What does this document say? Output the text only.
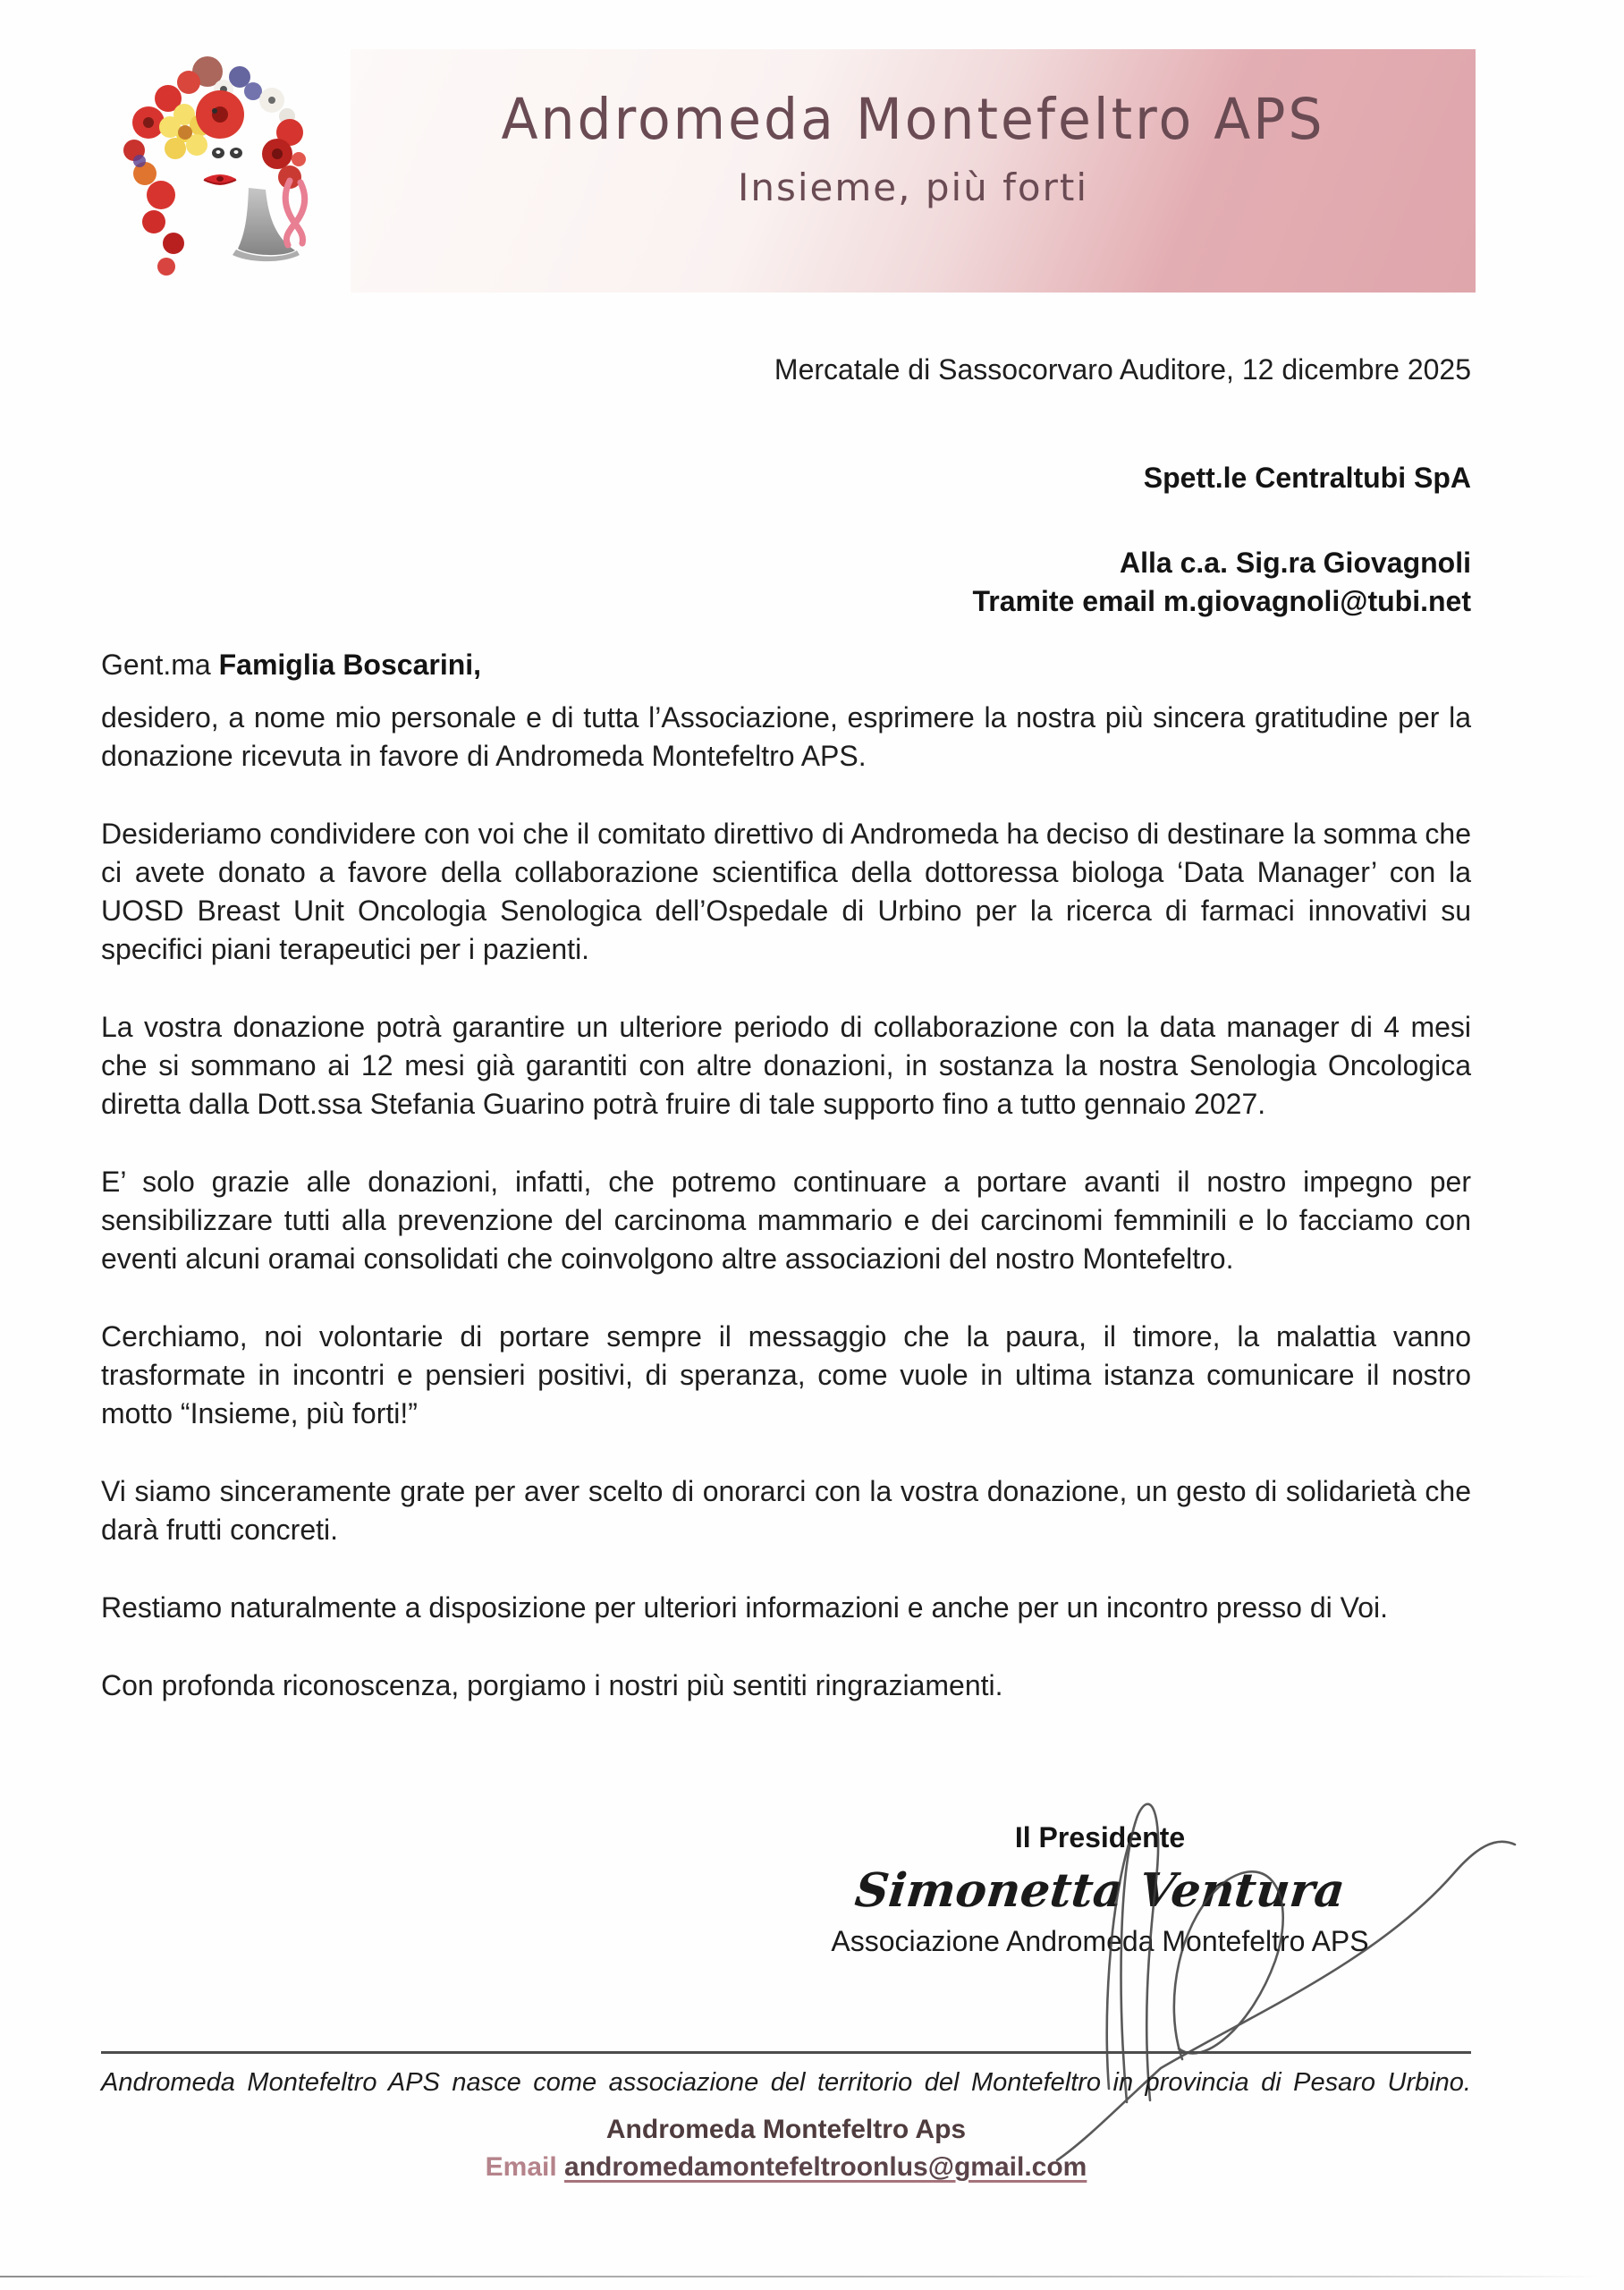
Andromeda Montefeltro APS
Insieme, più forti
Mercatale di Sassocorvaro Auditore, 12 dicembre 2025
Spett.le Centraltubi SpA
Alla c.a. Sig.ra Giovagnoli
Tramite email m.giovagnoli@tubi.net
Gent.ma Famiglia Boscarini,

desidero, a nome mio personale e di tutta l’Associazione, esprimere la nostra più sincera gratitudine per la donazione ricevuta in favore di Andromeda Montefeltro APS.

Desideriamo condividere con voi che il comitato direttivo di Andromeda ha deciso di destinare la somma che ci avete donato a favore della collaborazione scientifica della dottoressa biologa ‘Data Manager’ con la UOSD Breast Unit Oncologia Senologica dell’Ospedale di Urbino per la ricerca di farmaci innovativi su specifici piani terapeutici per i pazienti.

La vostra donazione potrà garantire un ulteriore periodo di collaborazione con la data manager di 4 mesi che si sommano ai 12 mesi già garantiti con altre donazioni, in sostanza la nostra Senologia Oncologica diretta dalla Dott.ssa Stefania Guarino potrà fruire di tale supporto fino a tutto gennaio 2027.

E’ solo grazie alle donazioni, infatti, che potremo continuare a portare avanti il nostro impegno per sensibilizzare tutti alla prevenzione del carcinoma mammario e dei carcinomi femminili e lo facciamo con eventi alcuni oramai consolidati che coinvolgono altre associazioni del nostro Montefeltro.

Cerchiamo, noi volontarie di portare sempre il messaggio che la paura, il timore, la malattia vanno trasformate in incontri e pensieri positivi, di speranza, come vuole in ultima istanza comunicare il nostro motto “Insieme, più forti!”

Vi siamo sinceramente grate per aver scelto di onorarci con la vostra donazione, un gesto di solidarietà che darà frutti concreti.

Restiamo naturalmente a disposizione per ulteriori informazioni e anche per un incontro presso di Voi.

Con profonda riconoscenza, porgiamo i nostri più sentiti ringraziamenti.

Il Presidente
Simonetta Ventura
Associazione Andromeda Montefeltro APS
Andromeda Montefeltro APS nasce come associazione del territorio del Montefeltro in provincia di Pesaro Urbino.
Andromeda Montefeltro Aps
Email andromedamontefeltroonlus@gmail.com
